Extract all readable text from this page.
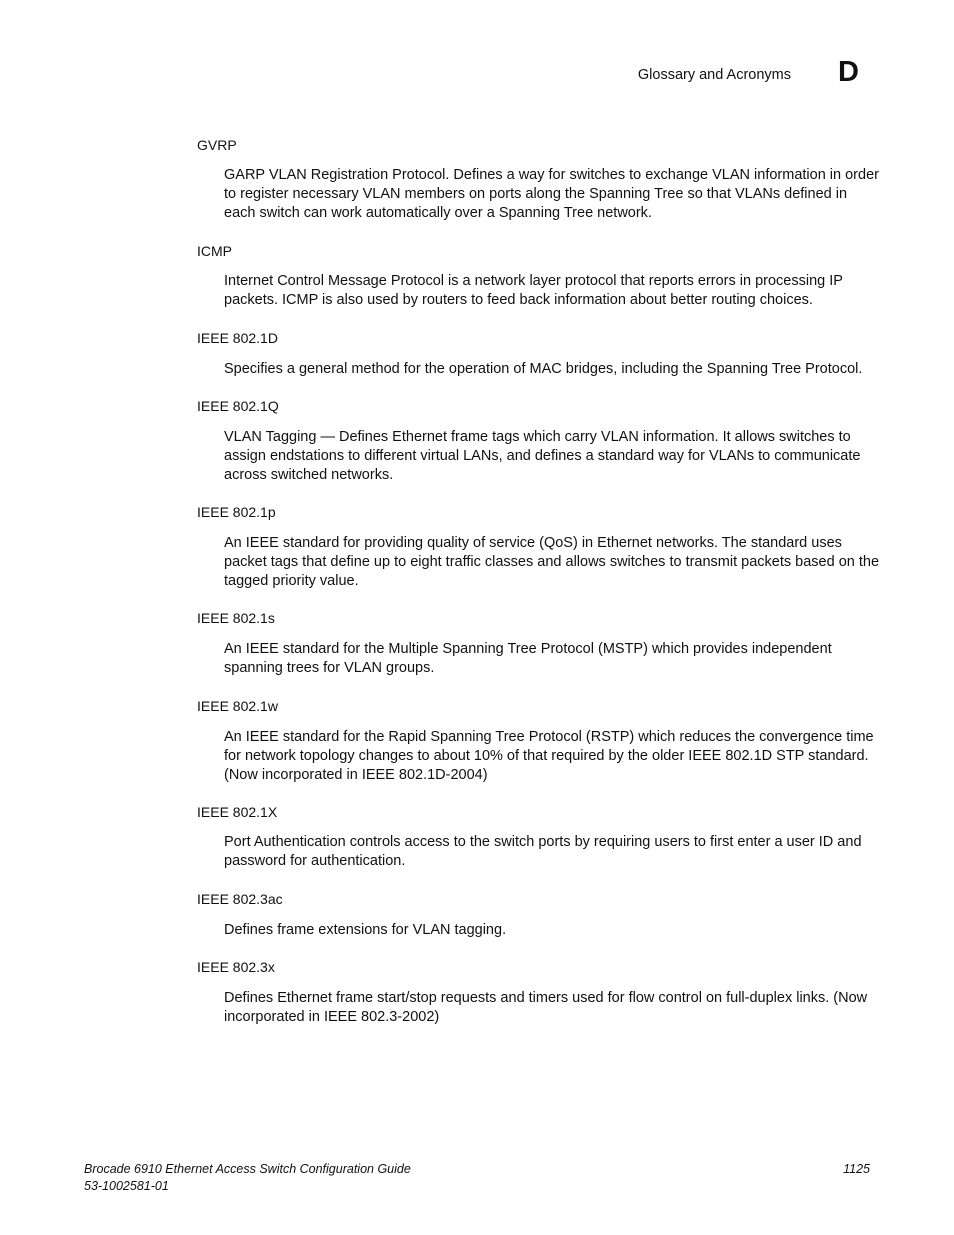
Glossary and Acronyms D
GVRP
GARP VLAN Registration Protocol. Defines a way for switches to exchange VLAN information in order to register necessary VLAN members on ports along the Spanning Tree so that VLANs defined in each switch can work automatically over a Spanning Tree network.
ICMP
Internet Control Message Protocol is a network layer protocol that reports errors in processing IP packets. ICMP is also used by routers to feed back information about better routing choices.
IEEE 802.1D
Specifies a general method for the operation of MAC bridges, including the Spanning Tree Protocol.
IEEE 802.1Q
VLAN Tagging — Defines Ethernet frame tags which carry VLAN information. It allows switches to assign endstations to different virtual LANs, and defines a standard way for VLANs to communicate across switched networks.
IEEE 802.1p
An IEEE standard for providing quality of service (QoS) in Ethernet networks. The standard uses packet tags that define up to eight traffic classes and allows switches to transmit packets based on the tagged priority value.
IEEE 802.1s
An IEEE standard for the Multiple Spanning Tree Protocol (MSTP) which provides independent spanning trees for VLAN groups.
IEEE 802.1w
An IEEE standard for the Rapid Spanning Tree Protocol (RSTP) which reduces the convergence time for network topology changes to about 10% of that required by the older IEEE 802.1D STP standard. (Now incorporated in IEEE 802.1D-2004)
IEEE 802.1X
Port Authentication controls access to the switch ports by requiring users to first enter a user ID and password for authentication.
IEEE 802.3ac
Defines frame extensions for VLAN tagging.
IEEE 802.3x
Defines Ethernet frame start/stop requests and timers used for flow control on full-duplex links. (Now incorporated in IEEE 802.3-2002)
Brocade 6910 Ethernet Access Switch Configuration Guide
53-1002581-01
1125
